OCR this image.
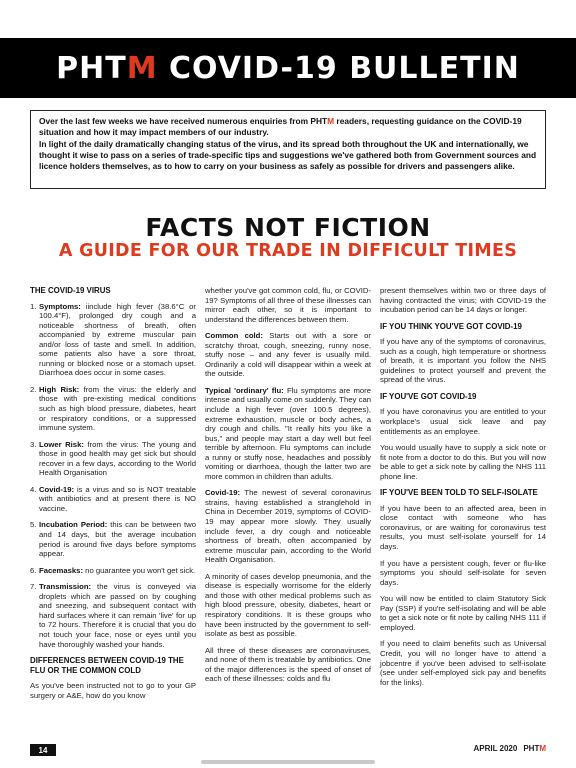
PHTM COVID-19 BULLETIN

Over the last few weeks we have received numerous enquiries from PHTM readers, requesting guidance on the COVID-19 situation and how it may impact members of our industry.

In light of the daily dramatically changing status of the virus, and its spread both throughout the UK and internationally, we thought it wise to pass on a series of trade-specific tips and suggestions we've gathered both from Government sources and licence holders themselves, as to how to carry on your business as safely as possible for drivers and passengers alike.

FACTS NOT FICTION
A GUIDE FOR OUR TRADE IN DIFFICULT TIMES
THE COVID-19 VIRUS
1. Symptoms: iinclude high fever (38.6°C or 100.4°F), prolonged dry cough and a noticeable shortness of breath, often accompanied by extreme muscular pain and/or loss of taste and smell. In addition, some patients also have a sore throat, running or blocked nose or a stomach upset. Diarrhoea does occur in some cases.
2. High Risk: from the virus: the elderly and those with pre-existing medical conditions such as high blood pressure, diabetes, heart or respiratory conditions, or a suppressed immune system.
3. Lower Risk: from the virus: The young and those in good health may get sick but should recover in a few days, according to the World Health Organisation
4. Covid-19: is a virus and so is NOT treatable with antibiotics and at present there is NO vaccine.
5. Incubation Period: this can be between two and 14 days, but the average incubation period is around five days before symptoms appear.
6. Facemasks: no guarantee you won't get sick.
7. Transmission: the virus is conveyed via droplets which are passed on by coughing and sneezing, and subsequent contact with hard surfaces where it can remain 'live' for up to 72 hours. Therefore it is crucial that you do not touch your face, nose or eyes until you have thoroughly washed your hands.
DIFFERENCES BETWEEN COVID-19 THE FLU OR THE COMMON COLD

As you've been instructed not to go to your GP surgery or A&E, how do you know

whether you've got common cold, flu, or COVID-19? Symptoms of all three of these illnesses can mirror each other, so it is important to understand the differences between them.

Common cold: Starts out with a sore or scratchy throat, cough, sneezing, runny nose, stuffy nose – and any fever is usually mild. Ordinarily a cold will disappear within a week at the outside.

Typical 'ordinary' flu: Flu symptoms are more intense and usually come on suddenly. They can include a high fever (over 100.5 degrees), extreme exhaustion, muscle or body aches, a dry cough and chills. "It really hits you like a bus," and people may start a day well but feel terrible by afternoon. Flu symptoms can include a runny or stuffy nose, headaches and possibly vomiting or diarrhoea, though the latter two are more common in children than adults.

Covid-19: The newest of several coronavirus strains, having established a stranglehold in China in December 2019, symptoms of COVID-19 may appear more slowly. They usually include fever, a dry cough and noticeable shortness of breath, often accompanied by extreme muscular pain, according to the World Health Organisation.

A minority of cases develop pneumonia, and the disease is especially worrisome for the elderly and those with other medical problems such as high blood pressure, obesity, diabetes, heart or respiratory conditions. It is these groups who have been instructed by the government to self-isolate as best as possible.

All three of these diseases are coronaviruses, and none of them is treatable by antibiotics. One of the major differences is the speed of onset of each of these illnesses: colds and flu

present themselves within two or three days of having contracted the virus; with COVID-19 the incubation period can be 14 days or longer.

IF YOU THINK YOU'VE GOT COVID-19

If you have any of the symptoms of coronavirus, such as a cough, high temperature or shortness of breath, it is important you follow the NHS guidelines to protect yourself and prevent the spread of the virus.

IF YOU'VE GOT COVID-19

If you have coronavirus you are entitled to your workplace's usual sick leave and pay entitlements as an employee.

You would usually have to supply a sick note or fit note from a doctor to do this. But you will now be able to get a sick note by calling the NHS 111 phone line.

IF YOU'VE BEEN TOLD TO SELF-ISOLATE

If you have been to an affected area, been in close contact with someone who has coronavirus, or are waiting for coronavirus test results, you must self-isolate yourself for 14 days.

If you have a persistent cough, fever or flu-like symptoms you should self-isolate for seven days.

You will now be entitled to claim Statutory Sick Pay (SSP) if you're self-isolating and will be able to get a sick note or fit note by calling NHS 111 if employed.

If you need to claim benefits such as Universal Credit, you will no longer have to attend a jobcentre if you've been advised to self-isolate (see under self-employed sick pay and benefits for the links).

14	APRIL 2020 PHTM
